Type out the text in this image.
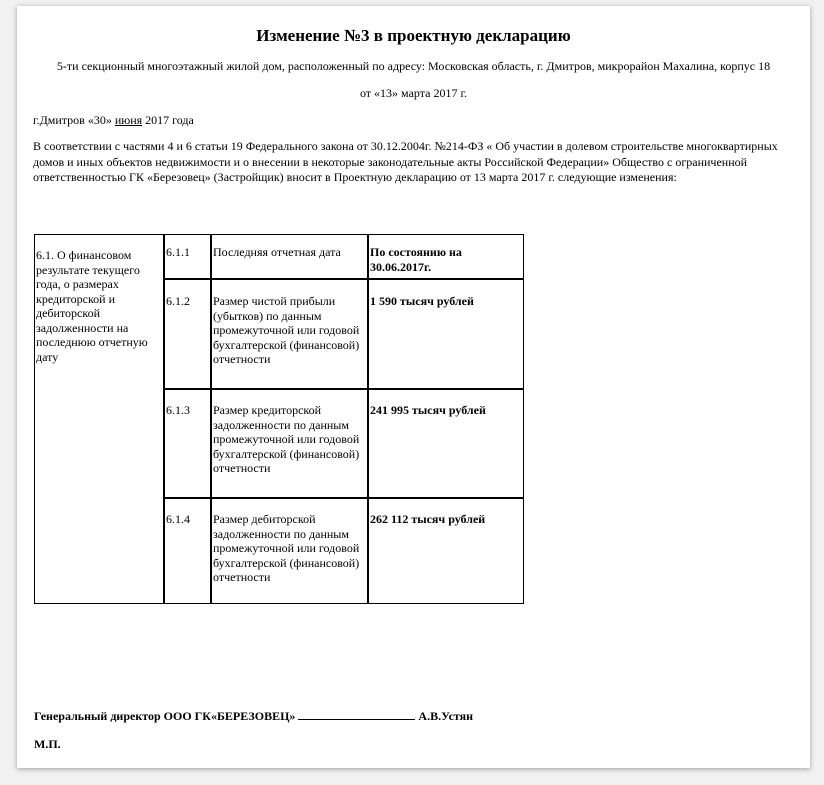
Изменение №3 в проектную декларацию
5-ти секционный многоэтажный жилой дом, расположенный по адресу: Московская область, г. Дмитров, микрорайон Махалина, корпус 18
от «13» марта 2017 г.
г.Дмитров «30» июня 2017 года
В соответствии с частями 4 и 6 статьи 19 Федерального закона от 30.12.2004г. №214-ФЗ « Об участии в долевом строительстве многоквартирных домов и иных объектов недвижимости и о внесении в некоторые законодательные акты Российской Федерации» Общество с ограниченной ответственностью ГК «Березовец» (Застройщик) вносит в Проектную декларацию от 13 марта 2017 г. следующие изменения:
6.1. О финансовом результате текущего года, о размерах кредиторской и дебиторской задолженности на последнюю отчетную дату	6.1.1	Последняя отчетная дата	По состоянию на 30.06.2017г.
	6.1.2	Размер чистой прибыли (убытков) по данным промежуточной или годовой бухгалтерской (финансовой) отчетности	1 590 тысяч рублей
	6.1.3	Размер кредиторской задолженности по данным промежуточной или годовой бухгалтерской (финансовой) отчетности	241 995 тысяч рублей
	6.1.4	Размер дебиторской задолженности по данным промежуточной или годовой бухгалтерской (финансовой) отчетности	262 112 тысяч рублей
Генеральный директор ООО ГК«БЕРЕЗОВЕЦ»	А.В.Устян
М.П.
